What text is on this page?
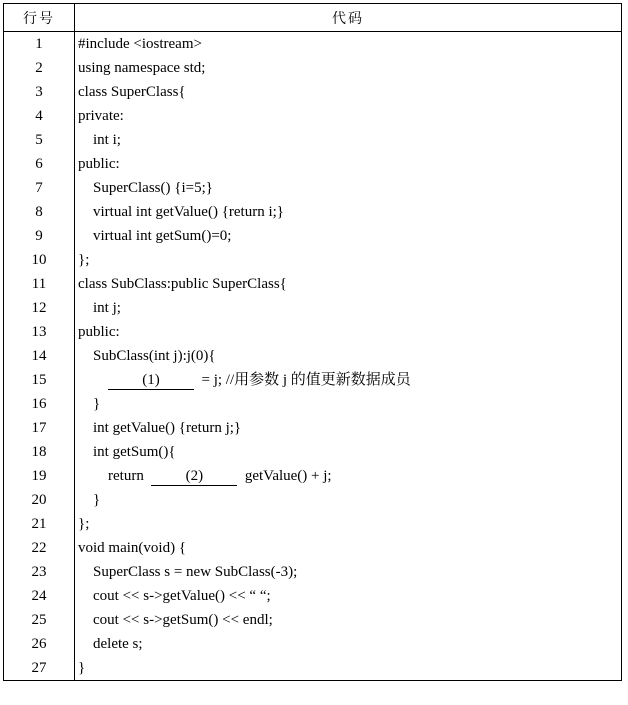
行号	代码
1	#include <iostream>
2	using namespace std;
3	class SuperClass{
4	private:
5	int i;
6	public:
7	SuperClass() {i=5;}
8	virtual int getValue() {return i;}
9	virtual int getSum()=0;
10	};
11	class SubClass:public SuperClass{
12	int j;
13	public:
14	SubClass(int j):j(0){
15	(1)  = j; //用参数 j 的值更新数据成员
16	}
17	int getValue() {return j;}
18	int getSum(){
19	return  (2)  getValue() + j;
20	}
21	};
22	void main(void) {
23	SuperClass s = new SubClass(-3);
24	cout << s->getValue() << “ “;
25	cout << s->getSum() << endl;
26	delete s;
27	}
